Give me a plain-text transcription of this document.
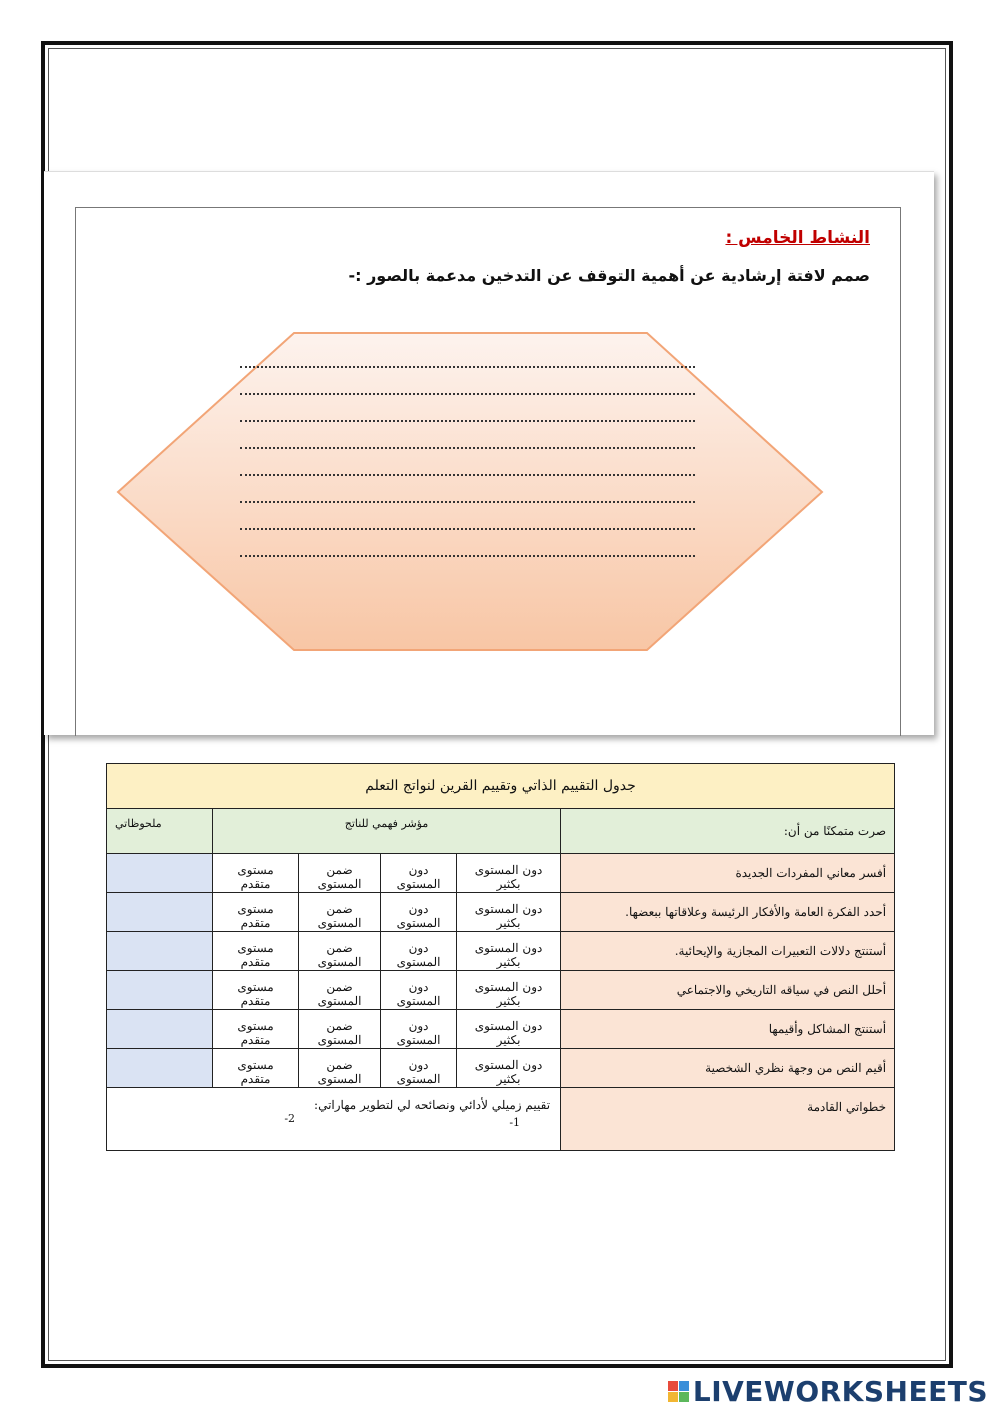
النشاط الخامس :
صمم لافتة إرشادية عن أهمية التوقف عن التدخين مدعمة بالصور :-
جدول التقييم الذاتي وتقييم القرين لنواتج التعلم					
صرت متمكنًا من أن:	مؤشر فهمي للناتج				ملحوظاتي
أفسر معاني المفردات الجديدة	دون المستوى بكثير	دون المستوى	ضمن المستوى	مستوى متقدم	
أحدد الفكرة العامة والأفكار الرئيسة وعلاقاتها ببعضها.	دون المستوى بكثير	دون المستوى	ضمن المستوى	مستوى متقدم	
أستنتج دلالات التعبيرات المجازية والإيحائية.	دون المستوى بكثير	دون المستوى	ضمن المستوى	مستوى متقدم	
أحلل النص في سياقه التاريخي والاجتماعي	دون المستوى بكثير	دون المستوى	ضمن المستوى	مستوى متقدم	
أستنتج المشاكل وأقيمها	دون المستوى بكثير	دون المستوى	ضمن المستوى	مستوى متقدم	
أقيم النص من وجهة نظري الشخصية	دون المستوى بكثير	دون المستوى	ضمن المستوى	مستوى متقدم	
خطواتي القادمة	تقييم زميلي لأدائي ونصائحه لي لتطوير مهاراتي:
1-
2-				
LIVEWORKSHEETS
